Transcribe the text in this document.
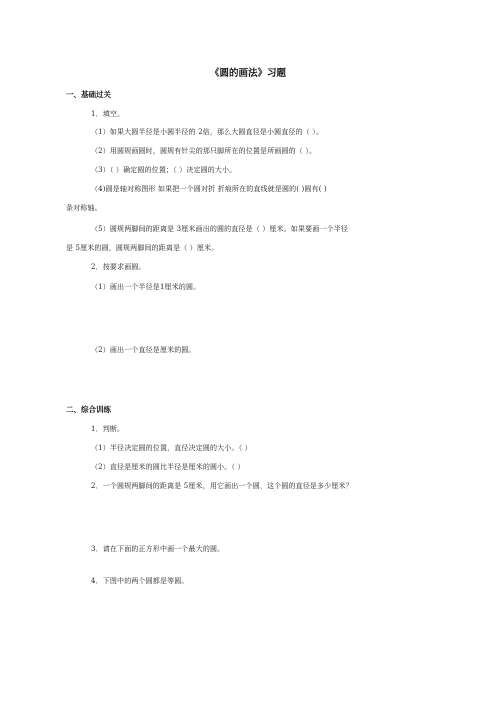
《圆的画法》习题
一、基础过关
1．填空。
（1）如果大圆半径是小圆半径的 2倍，那么大圆直径是小圆直径的（ ）。
（2）用圆规画圆时，圆规有针尖的那只脚所在的位置是所画圆的（ ）。
（3）（ ）确定圆的位置；（ ）决定圆的大小。
（4)圆是轴对称图形 如果把一个圆对折 折痕所在的直线就是圆的( )圆有( )
条对称轴。
（5）圆规两脚间的距离是 3厘米画出的圆的直径是（ ）厘米。如果要画一个半径
是 5厘米的圆，圆规两脚间的距离是（ ）厘米。
2．按要求画圆。
（1）画出一个半径是1厘米的圆。
（2）画出一个直径是厘米的圆。
二、综合训练
1．判断。
（1）半径决定圆的位置，直径决定圆的大小。（ ）
（2）直径是厘米的圆比半径是厘米的圆小。（ ）
2．一个圆规两脚间的距离是 5厘米，用它画出一个圆，这个圆的直径是多少厘米？
3．请在下面的正方形中画一个最大的圆。
4．下图中的两个圆都是等圆。
